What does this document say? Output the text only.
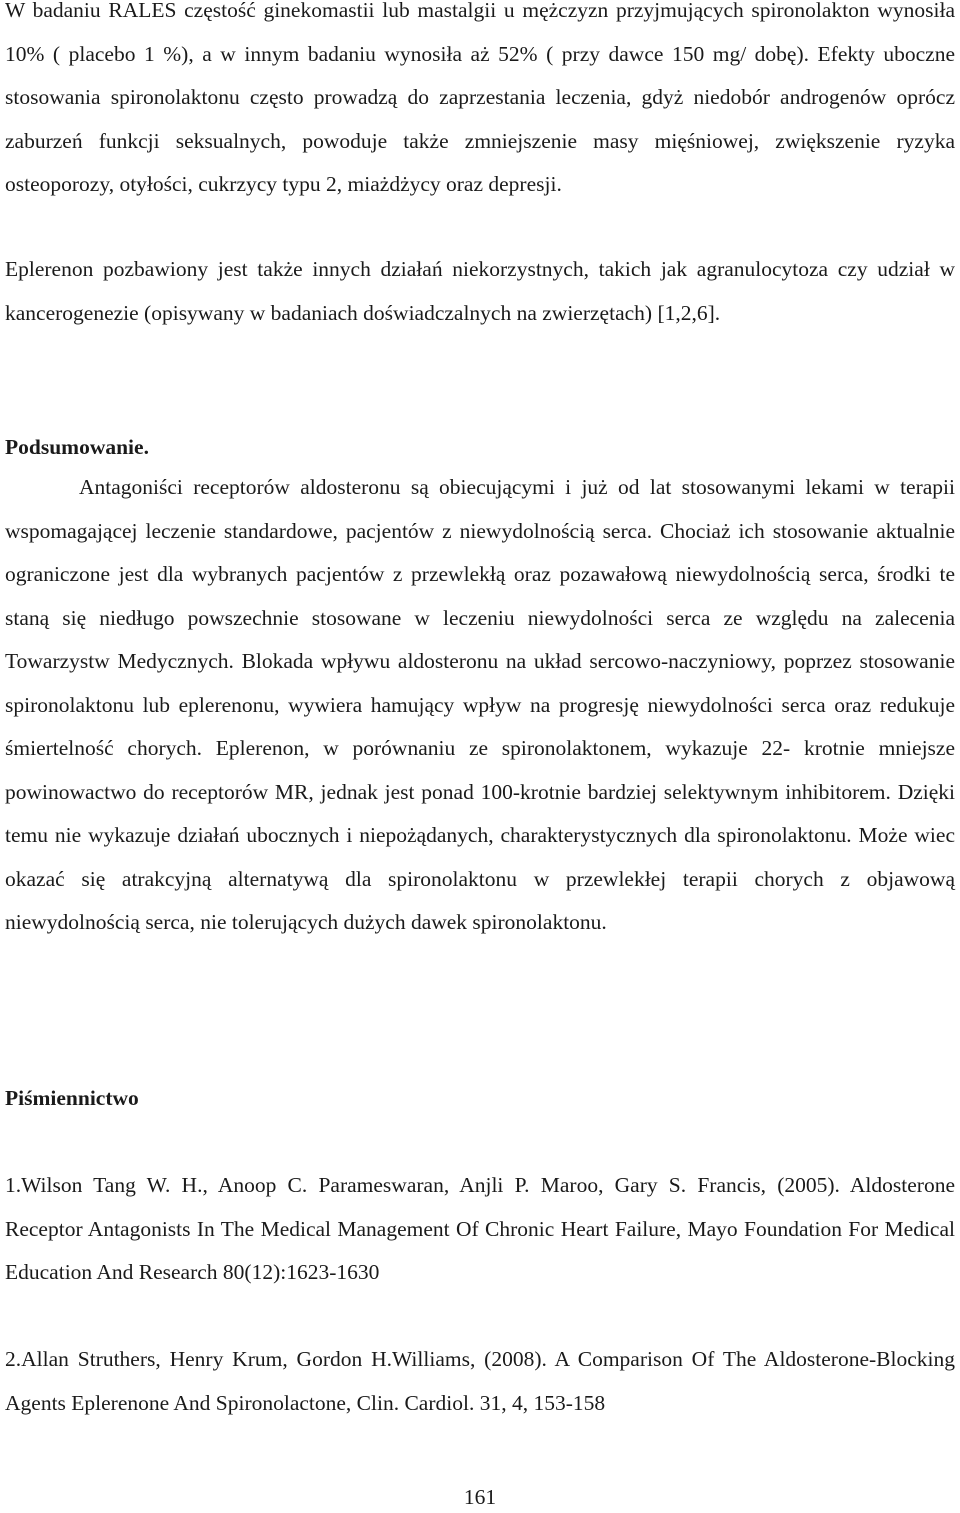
W badaniu RALES częstość ginekomastii lub mastalgii u mężczyzn przyjmujących spironolakton wynosiła 10% ( placebo 1 %), a w innym badaniu wynosiła aż 52% ( przy dawce 150 mg/ dobę). Efekty uboczne stosowania spironolaktonu często prowadzą do zaprzestania leczenia, gdyż niedobór androgenów oprócz zaburzeń funkcji seksualnych, powoduje także zmniejszenie masy mięśniowej, zwiększenie ryzyka osteoporozy, otyłości, cukrzycy typu 2, miażdżycy oraz depresji.

Eplerenon pozbawiony jest także innych działań niekorzystnych, takich jak agranulocytoza czy udział w kancerogenezie (opisywany w badaniach doświadczalnych na zwierzętach) [1,2,6].

Podsumowanie.

Antagoniści receptorów aldosteronu są obiecującymi i już od lat stosowanymi lekami w terapii wspomagającej leczenie standardowe, pacjentów z niewydolnością serca. Chociaż ich stosowanie aktualnie ograniczone jest dla wybranych pacjentów z przewlekłą oraz pozawałową niewydolnością serca, środki te staną się niedługo powszechnie stosowane w leczeniu niewydolności serca ze względu na zalecenia Towarzystw Medycznych. Blokada wpływu aldosteronu na układ sercowo-naczyniowy, poprzez stosowanie spironolaktonu lub eplerenonu, wywiera hamujący wpływ na progresję niewydolności serca oraz redukuje śmiertelność chorych. Eplerenon, w porównaniu ze spironolaktonem, wykazuje 22- krotnie mniejsze powinowactwo do receptorów MR, jednak jest ponad 100-krotnie bardziej selektywnym inhibitorem. Dzięki temu nie wykazuje działań ubocznych i niepożądanych, charakterystycznych dla spironolaktonu. Może wiec okazać się atrakcyjną alternatywą dla spironolaktonu w przewlekłej terapii chorych z objawową niewydolnością serca, nie tolerujących dużych dawek spironolaktonu.

Piśmiennictwo

1.Wilson Tang W. H., Anoop C. Parameswaran, Anjli P. Maroo, Gary S. Francis, (2005). Aldosterone Receptor Antagonists In The Medical Management Of Chronic Heart Failure, Mayo Foundation For Medical Education And Research 80(12):1623-1630

2.Allan Struthers, Henry Krum, Gordon H.Williams, (2008). A Comparison Of The Aldosterone-Blocking Agents Eplerenone And Spironolactone, Clin. Cardiol. 31, 4, 153-158

161
